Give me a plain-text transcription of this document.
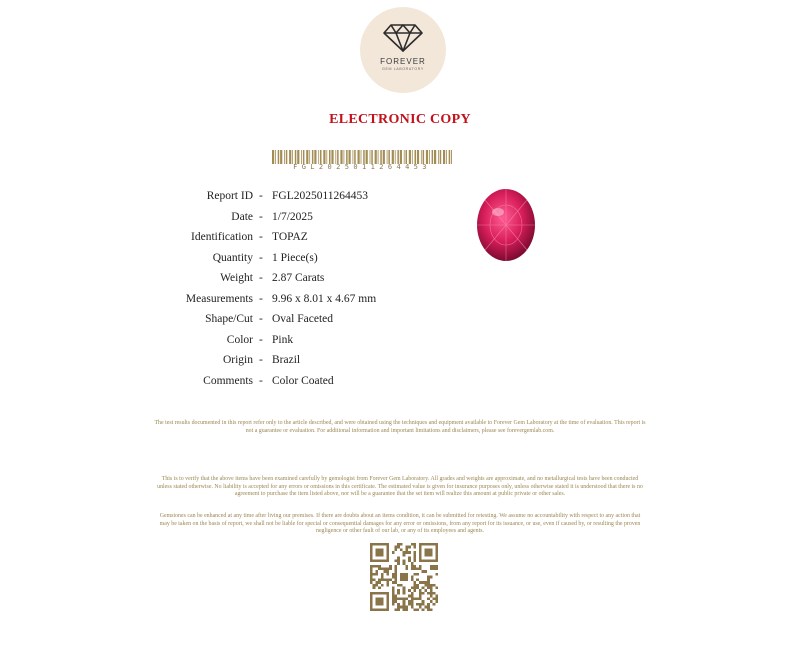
FOREVER
GEM LABORATORY
ELECTRONIC COPY
FGL2025011264453
Report ID - FGL2025011264453
Date - 1/7/2025
Identification - TOPAZ
Quantity - 1 Piece(s)
Weight - 2.87 Carats
Measurements - 9.96 x 8.01 x 4.67 mm
Shape/Cut - Oval Faceted
Color - Pink
Origin - Brazil
Comments - Color Coated
The test results documented in this report refer only to the article described, and were obtained using the techniques and equipment available to Forever Gem Laboratory at the time of evaluation. This report is not a guarantee or evaluation. For additional information and important limitations and disclaimers, please see forevergemlab.com.
This is to verify that the above items have been examined carefully by gemologist from Forever Gem Laboratory. All grades and weights are approximate, and no metallurgical tests have been conducted unless stated otherwise. No liability is accepted for any errors or omissions in this certificate. The estimated value is given for insurance purposes only, unless otherwise stated it is understood that there is no agreement to purchase the item listed above, nor will be a guarantee that the set item will realize this amount at public private or other sales.
Gemstones can be enhanced at any time after living our premises. If there are doubts about an items condition, it can be submitted for retesting. We assume no accountability with respect to any action that may be taken on the basis of report, we shall not be liable for special or consequential damages for any error or omissions, from any report for its issuance, or use, even if caused by, or resulting the proven negligence or other fault of our lab, or any of its employees and agents.
